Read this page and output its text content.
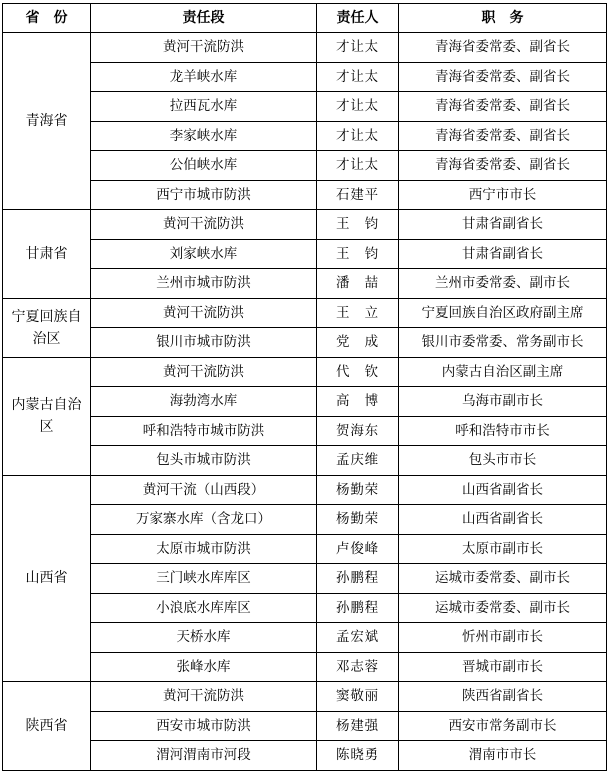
省　份	责任段	责任人	职　务
青海省	黄河干流防洪	才让太	青海省委常委、副省长
	龙羊峡水库	才让太	青海省委常委、副省长
	拉西瓦水库	才让太	青海省委常委、副省长
	李家峡水库	才让太	青海省委常委、副省长
	公伯峡水库	才让太	青海省委常委、副省长
	西宁市城市防洪	石建平	西宁市市长
甘肃省	黄河干流防洪	王　钧	甘肃省副省长
	刘家峡水库	王　钧	甘肃省副省长
	兰州市城市防洪	潘　喆	兰州市委常委、副市长
宁夏回族自治区	黄河干流防洪	王　立	宁夏回族自治区政府副主席
	银川市城市防洪	党　成	银川市委常委、常务副市长
内蒙古自治区	黄河干流防洪	代　钦	内蒙古自治区副主席
	海勃湾水库	高　博	乌海市副市长
	呼和浩特市城市防洪	贺海东	呼和浩特市市长
	包头市城市防洪	孟庆维	包头市市长
山西省	黄河干流（山西段）	杨勤荣	山西省副省长
	万家寨水库（含龙口）	杨勤荣	山西省副省长
	太原市城市防洪	卢俊峰	太原市副市长
	三门峡水库库区	孙鹏程	运城市委常委、副市长
	小浪底水库库区	孙鹏程	运城市委常委、副市长
	天桥水库	孟宏斌	忻州市副市长
	张峰水库	邓志蓉	晋城市副市长
陕西省	黄河干流防洪	窦敬丽	陕西省副省长
	西安市城市防洪	杨建强	西安市常务副市长
	渭河渭南市河段	陈晓勇	渭南市市长
